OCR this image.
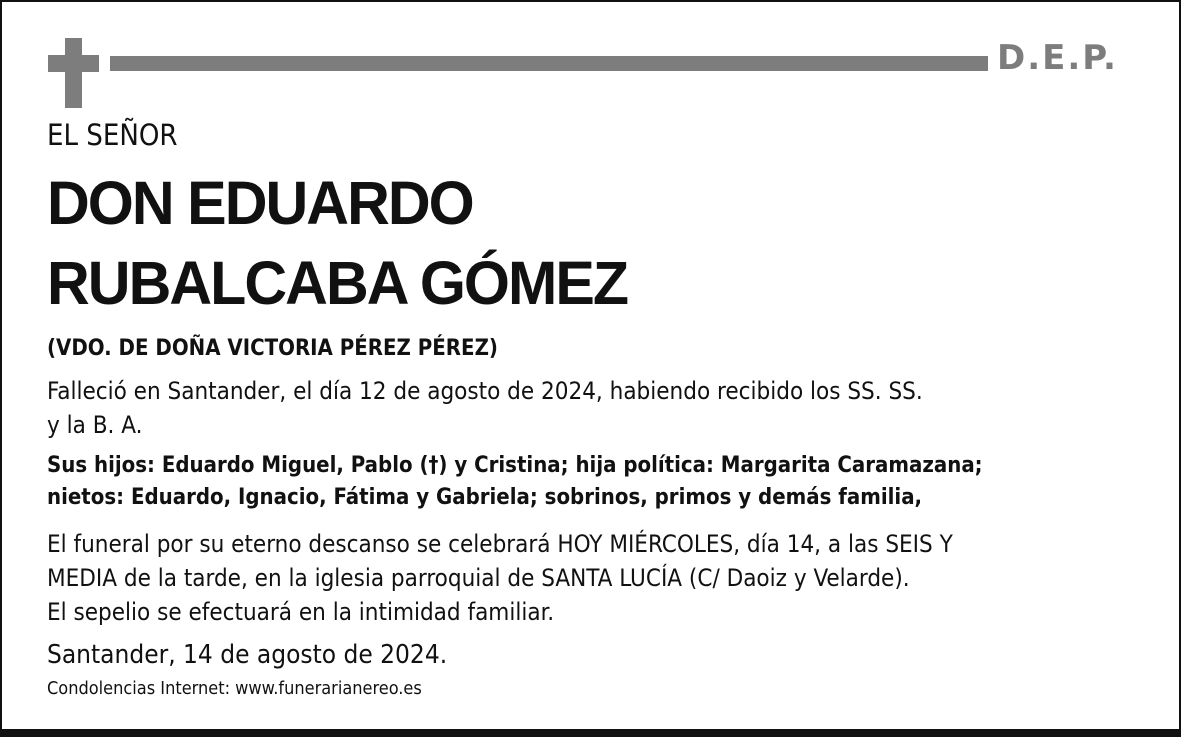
D.E.P.
EL SEÑOR
DON EDUARDO
RUBALCABA GÓMEZ
(VDO. DE DOÑA VICTORIA PÉREZ PÉREZ)
Falleció en Santander, el día 12 de agosto de 2024, habiendo recibido los SS. SS.
y la B. A.
Sus hijos: Eduardo Miguel, Pablo (†) y Cristina; hija política: Margarita Caramazana;
nietos: Eduardo, Ignacio, Fátima y Gabriela; sobrinos, primos y demás familia,
El funeral por su eterno descanso se celebrará HOY MIÉRCOLES, día 14, a las SEIS Y
MEDIA de la tarde, en la iglesia parroquial de SANTA LUCÍA (C/ Daoiz y Velarde).
El sepelio se efectuará en la intimidad familiar.
Santander, 14 de agosto de 2024.
Condolencias Internet: www.funerarianereo.es
